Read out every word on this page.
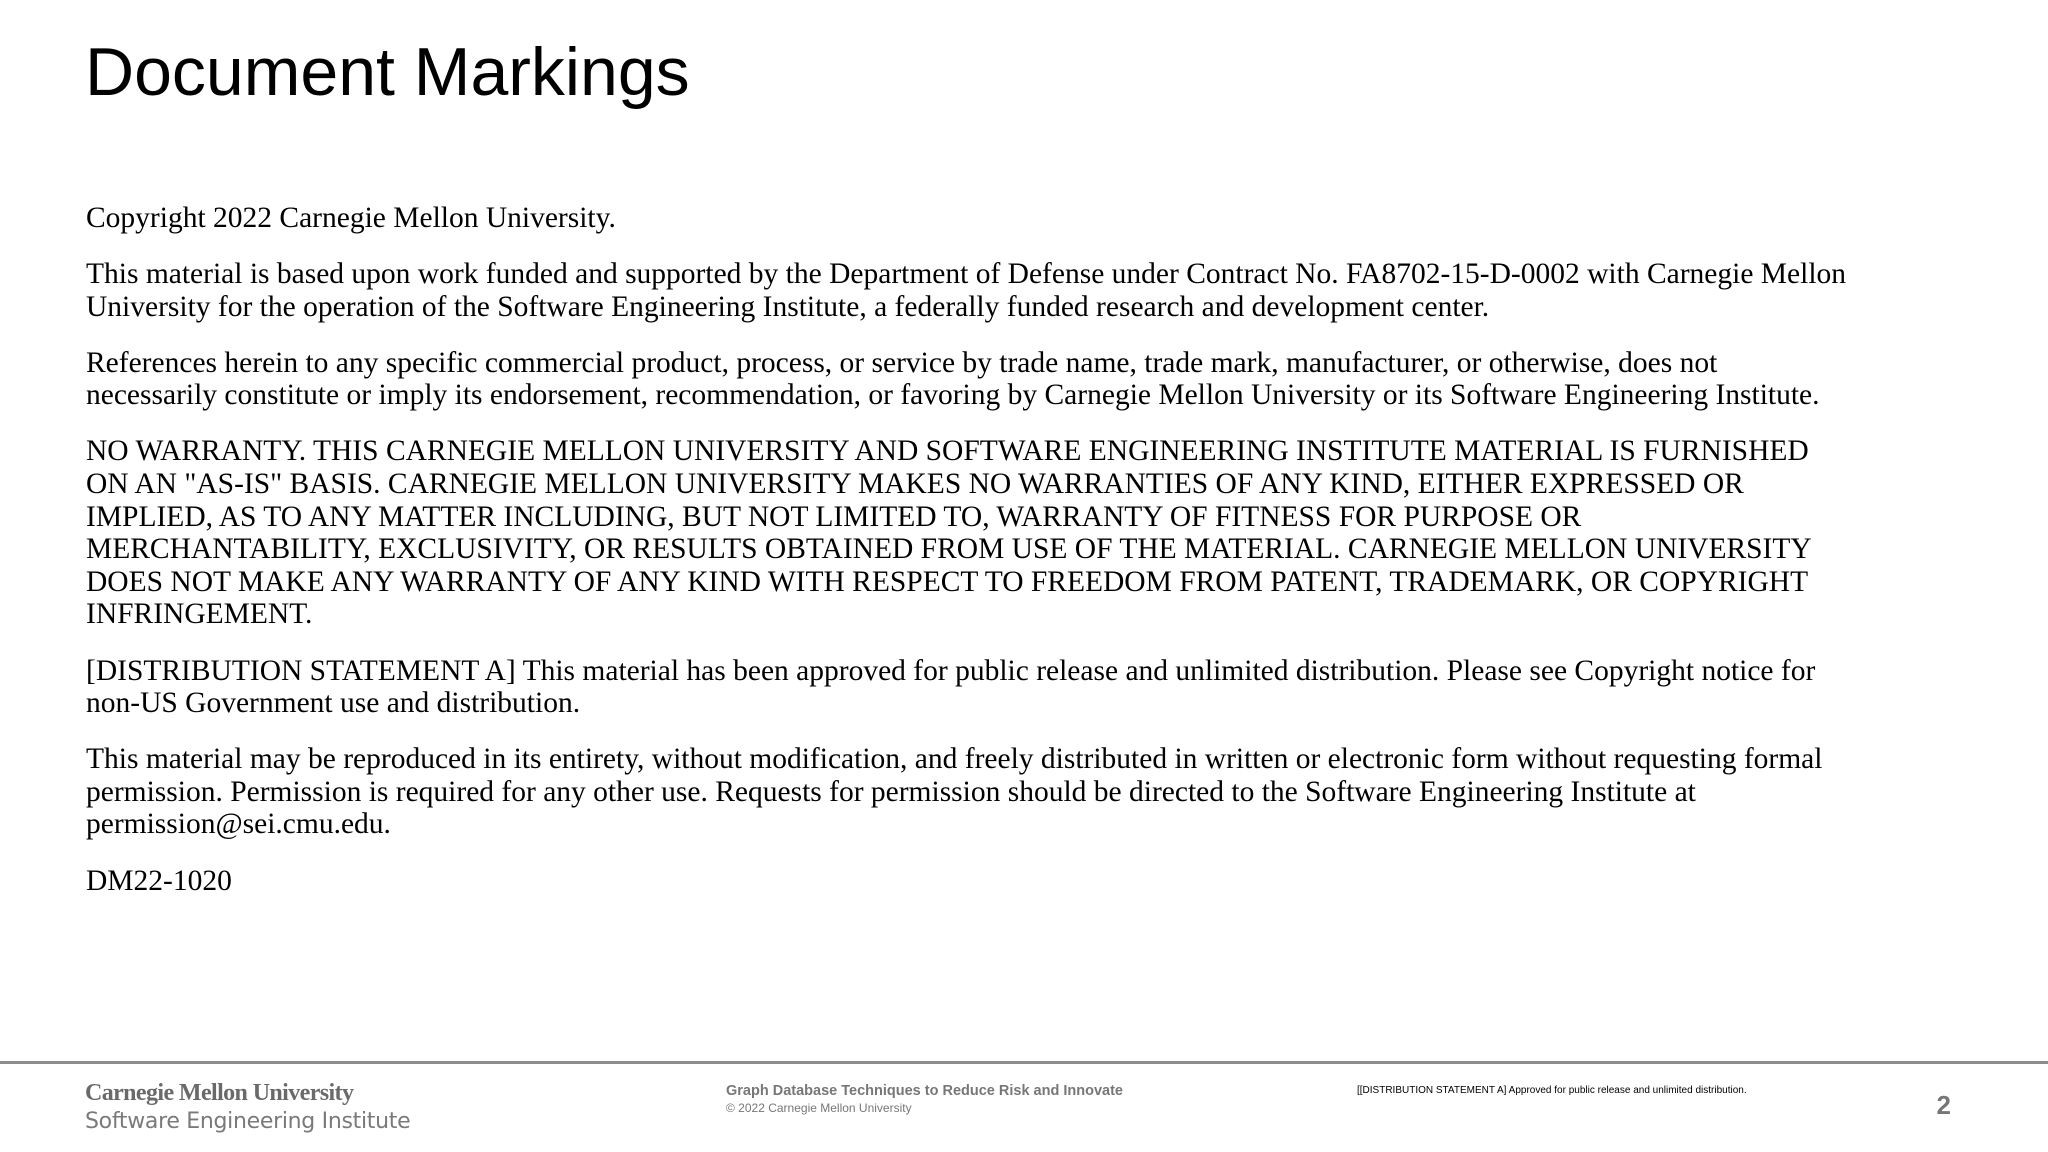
Document Markings

Copyright 2022 Carnegie Mellon University.

This material is based upon work funded and supported by the Department of Defense under Contract No. FA8702-15-D-0002 with Carnegie Mellon
University for the operation of the Software Engineering Institute, a federally funded research and development center.

References herein to any specific commercial product, process, or service by trade name, trade mark, manufacturer, or otherwise, does not
necessarily constitute or imply its endorsement, recommendation, or favoring by Carnegie Mellon University or its Software Engineering Institute.

NO WARRANTY. THIS CARNEGIE MELLON UNIVERSITY AND SOFTWARE ENGINEERING INSTITUTE MATERIAL IS FURNISHED
ON AN "AS-IS" BASIS. CARNEGIE MELLON UNIVERSITY MAKES NO WARRANTIES OF ANY KIND, EITHER EXPRESSED OR
IMPLIED, AS TO ANY MATTER INCLUDING, BUT NOT LIMITED TO, WARRANTY OF FITNESS FOR PURPOSE OR
MERCHANTABILITY, EXCLUSIVITY, OR RESULTS OBTAINED FROM USE OF THE MATERIAL. CARNEGIE MELLON UNIVERSITY
DOES NOT MAKE ANY WARRANTY OF ANY KIND WITH RESPECT TO FREEDOM FROM PATENT, TRADEMARK, OR COPYRIGHT
INFRINGEMENT.

[DISTRIBUTION STATEMENT A] This material has been approved for public release and unlimited distribution. Please see Copyright notice for
non-US Government use and distribution.

This material may be reproduced in its entirety, without modification, and freely distributed in written or electronic form without requesting formal
permission. Permission is required for any other use. Requests for permission should be directed to the Software Engineering Institute at
permission@sei.cmu.edu.

DM22-1020

Carnegie Mellon University
Software Engineering Institute
Graph Database Techniques to Reduce Risk and Innovate
© 2022 Carnegie Mellon University
[[DISTRIBUTION STATEMENT A] Approved for public release and unlimited distribution.	2
